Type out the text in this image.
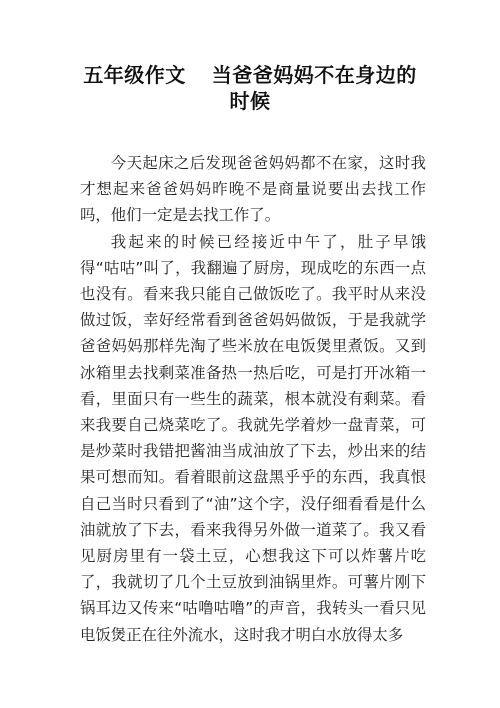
五年级作文 当爸爸妈妈不在身边的
时候

今天起床之后发现爸爸妈妈都不在家，这时我才想起来爸爸妈妈昨晚不是商量说要出去找工作吗，他们一定是去找工作了。

我起来的时候已经接近中午了，肚子早饿得“咕咕”叫了，我翻遍了厨房，现成吃的东西一点也没有。看来我只能自己做饭吃了。我平时从来没做过饭，幸好经常看到爸爸妈妈做饭，于是我就学爸爸妈妈那样先淘了些米放在电饭煲里煮饭。又到冰箱里去找剩菜准备热一热后吃，可是打开冰箱一看，里面只有一些生的蔬菜，根本就没有剩菜。看来我要自己烧菜吃了。我就先学着炒一盘青菜，可是炒菜时我错把酱油当成油放了下去，炒出来的结果可想而知。看着眼前这盘黑乎乎的东西，我真恨自己当时只看到了“油”这个字，没仔细看看是什么油就放了下去，看来我得另外做一道菜了。我又看见厨房里有一袋土豆，心想我这下可以炸薯片吃了，我就切了几个土豆放到油锅里炸。可薯片刚下锅耳边又传来“咕噜咕噜”的声音，我转头一看只见电饭煲正在往外流水，这时我才明白水放得太多
